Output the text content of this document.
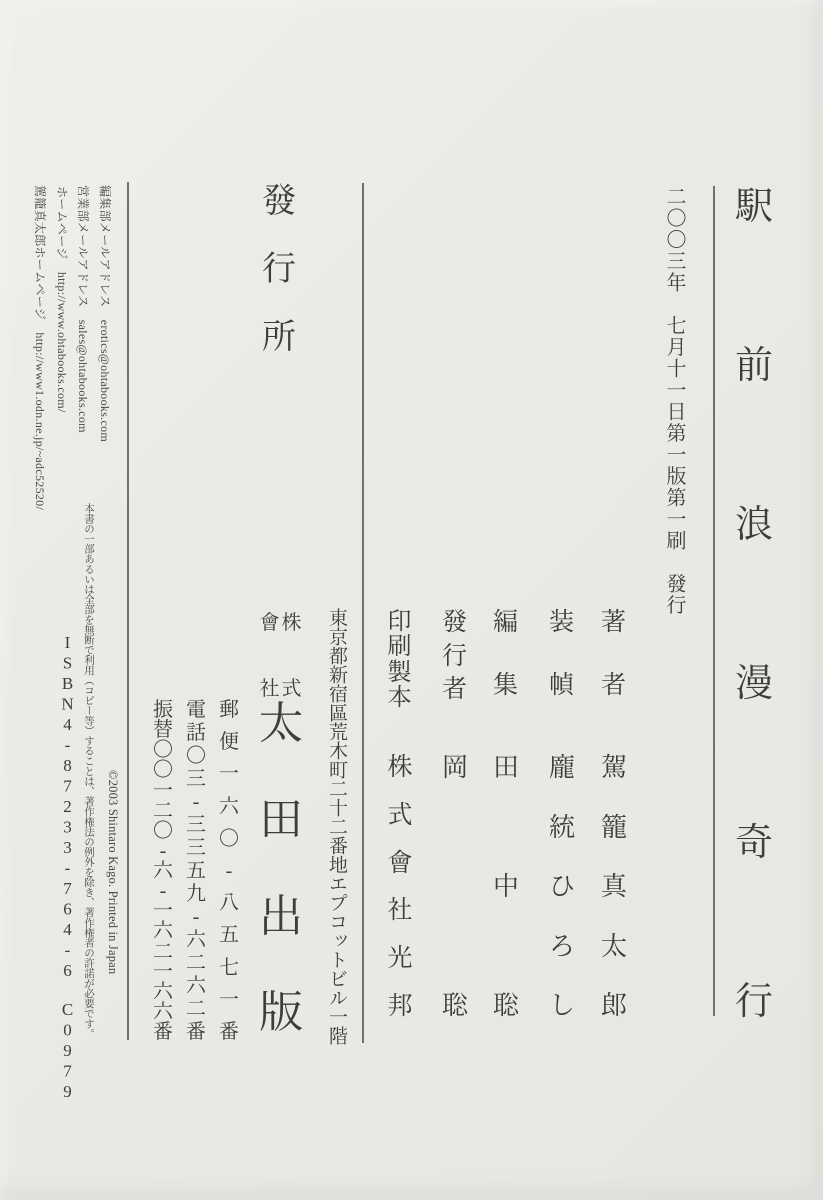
駅
前
浪
漫
奇
行
二〇〇三年　七月十一日第一版第一刷　發行
著
者
装
幀
編
集
發
行
者
印
刷
製
本
駕
籠
真
太
郎
龐
統
ひ
ろ
し
田
中
聡
岡
聡
株
式
會
社
光
邦
發
行
所
東京都新宿區荒木町二十二番地エプコットビル一階
株
式
會
社
太
田
出
版
郵
便
一
六
〇
-
八
五
七
一
番
電
話
〇
三
-
三
三
五
九
-
六
二
六
二
番
振
替
〇
〇
一
二
〇
-
六
-
一
六
二
一
六
六
番
編集部メールアドレス　erotics@ohtabooks.com
営業部メールアドレス　sales@ohtabooks.com
ホームページ　http://www.ohtabooks.com/
駕籠真太郎ホームページ　http://www1.odn.ne.jp/~adc52520/
本書の一部あるいは全部を無断で利用（コピー等）することは、著作権法の例外を除き、著作権者の許諾が必要です。 ©2003 Shintaro Kago. Printed in Japan
ISBN4-87233-764-6　C0979
